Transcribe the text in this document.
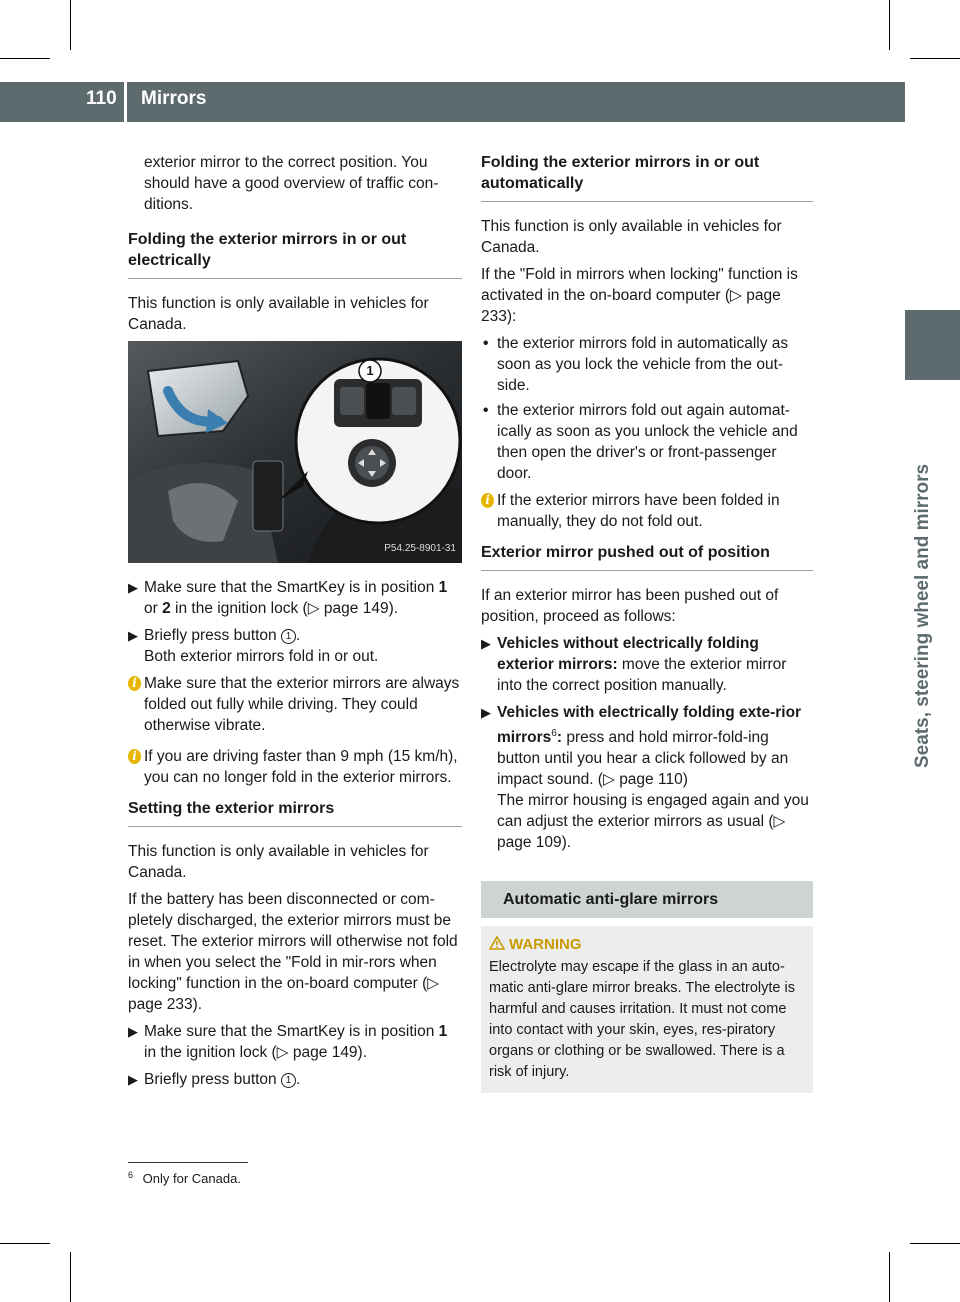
110 Mirrors
Seats, steering wheel and mirrors

exterior mirror to the correct position. You should have a good overview of traffic con-ditions.

Folding the exterior mirrors in or out electrically

This function is only available in vehicles for Canada.

1
P54.25-8901-31
▶ Make sure that the SmartKey is in position 1 or 2 in the ignition lock (▷ page 149).
▶ Briefly press button 1 .
Both exterior mirrors fold in or out.
i Make sure that the exterior mirrors are always folded out fully while driving. They could otherwise vibrate.
i If you are driving faster than 9 mph (15 km/h), you can no longer fold in the exterior mirrors.
Setting the exterior mirrors

This function is only available in vehicles for Canada.

If the battery has been disconnected or com-pletely discharged, the exterior mirrors must be reset. The exterior mirrors will otherwise not fold in when you select the "Fold in mir-rors when locking" function in the on-board computer (▷ page 233).

▶ Make sure that the SmartKey is in position 1 in the ignition lock (▷ page 149).
▶ Briefly press button 1 .
Folding the exterior mirrors in or out automatically

This function is only available in vehicles for Canada.

If the "Fold in mirrors when locking" function is activated in the on-board computer (▷ page 233):

• the exterior mirrors fold in automatically as soon as you lock the vehicle from the out-side.
• the exterior mirrors fold out again automat-ically as soon as you unlock the vehicle and then open the driver's or front-passenger door.
i If the exterior mirrors have been folded in manually, they do not fold out.
Exterior mirror pushed out of position

If an exterior mirror has been pushed out of position, proceed as follows:

▶ Vehicles without electrically folding exterior mirrors: move the exterior mirror into the correct position manually.
▶ Vehicles with electrically folding exte-rior mirrors$^6$: press and hold mirror-fold-ing button until you hear a click followed by an impact sound. (▷ page 110)
The mirror housing is engaged again and you can adjust the exterior mirrors as usual (▷ page 109).
Automatic anti-glare mirrors
WARNING
Electrolyte may escape if the glass in an auto-matic anti-glare mirror breaks. The electrolyte is harmful and causes irritation. It must not come into contact with your skin, eyes, res-piratory organs or clothing or be swallowed. There is a risk of injury.
$^6$ Only for Canada.
